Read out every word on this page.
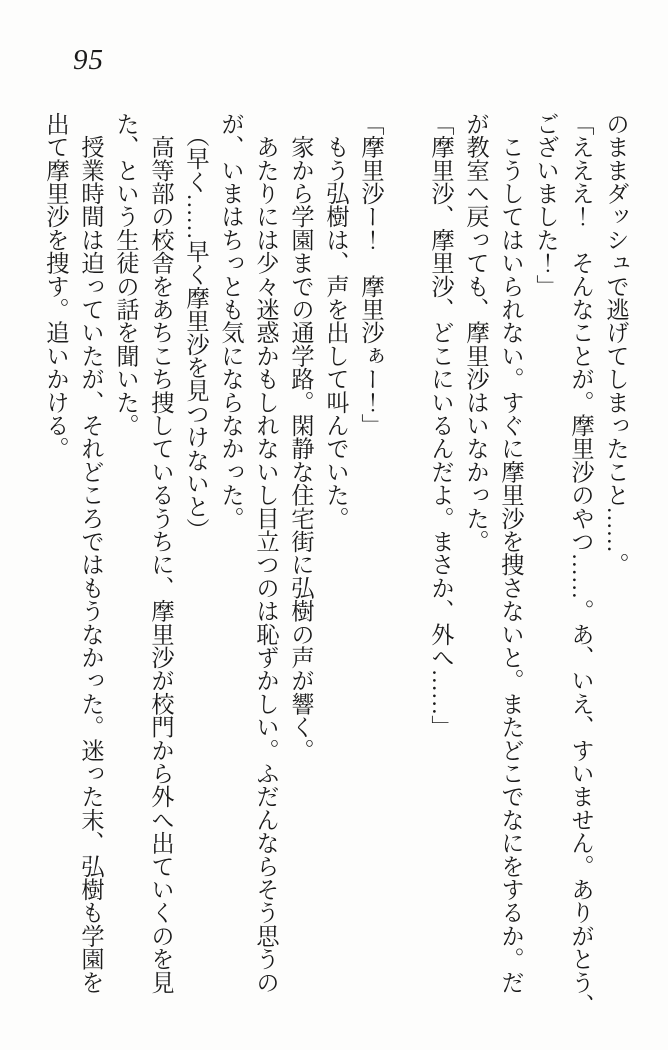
95

のままダッシュで逃げてしまったこと……。

「えええ！　そんなことが。摩里沙のやつ……。あ、いえ、すいません。ありがとう、

ございました！」

　こうしてはいられない。すぐに摩里沙を捜さないと。またどこでなにをするか。だ

が教室へ戻っても、摩里沙はいなかった。

「摩里沙、摩里沙、どこにいるんだよ。まさか、外へ……」

「摩里沙ー！　摩里沙ぁー！」

　もう弘樹は、声を出して叫んでいた。

　家から学園までの通学路。閑静な住宅街に弘樹の声が響く。

　あたりには少々迷惑かもしれないし目立つのは恥ずかしい。ふだんならそう思うの

が、いまはちっとも気にならなかった。

　（早く……早く摩里沙を見つけないと）

　高等部の校舎をあちこち捜しているうちに、摩里沙が校門から外へ出ていくのを見

た、という生徒の話を聞いた。

　授業時間は迫っていたが、それどころではもうなかった。迷った末、弘樹も学園を

出て摩里沙を捜す。追いかける。
